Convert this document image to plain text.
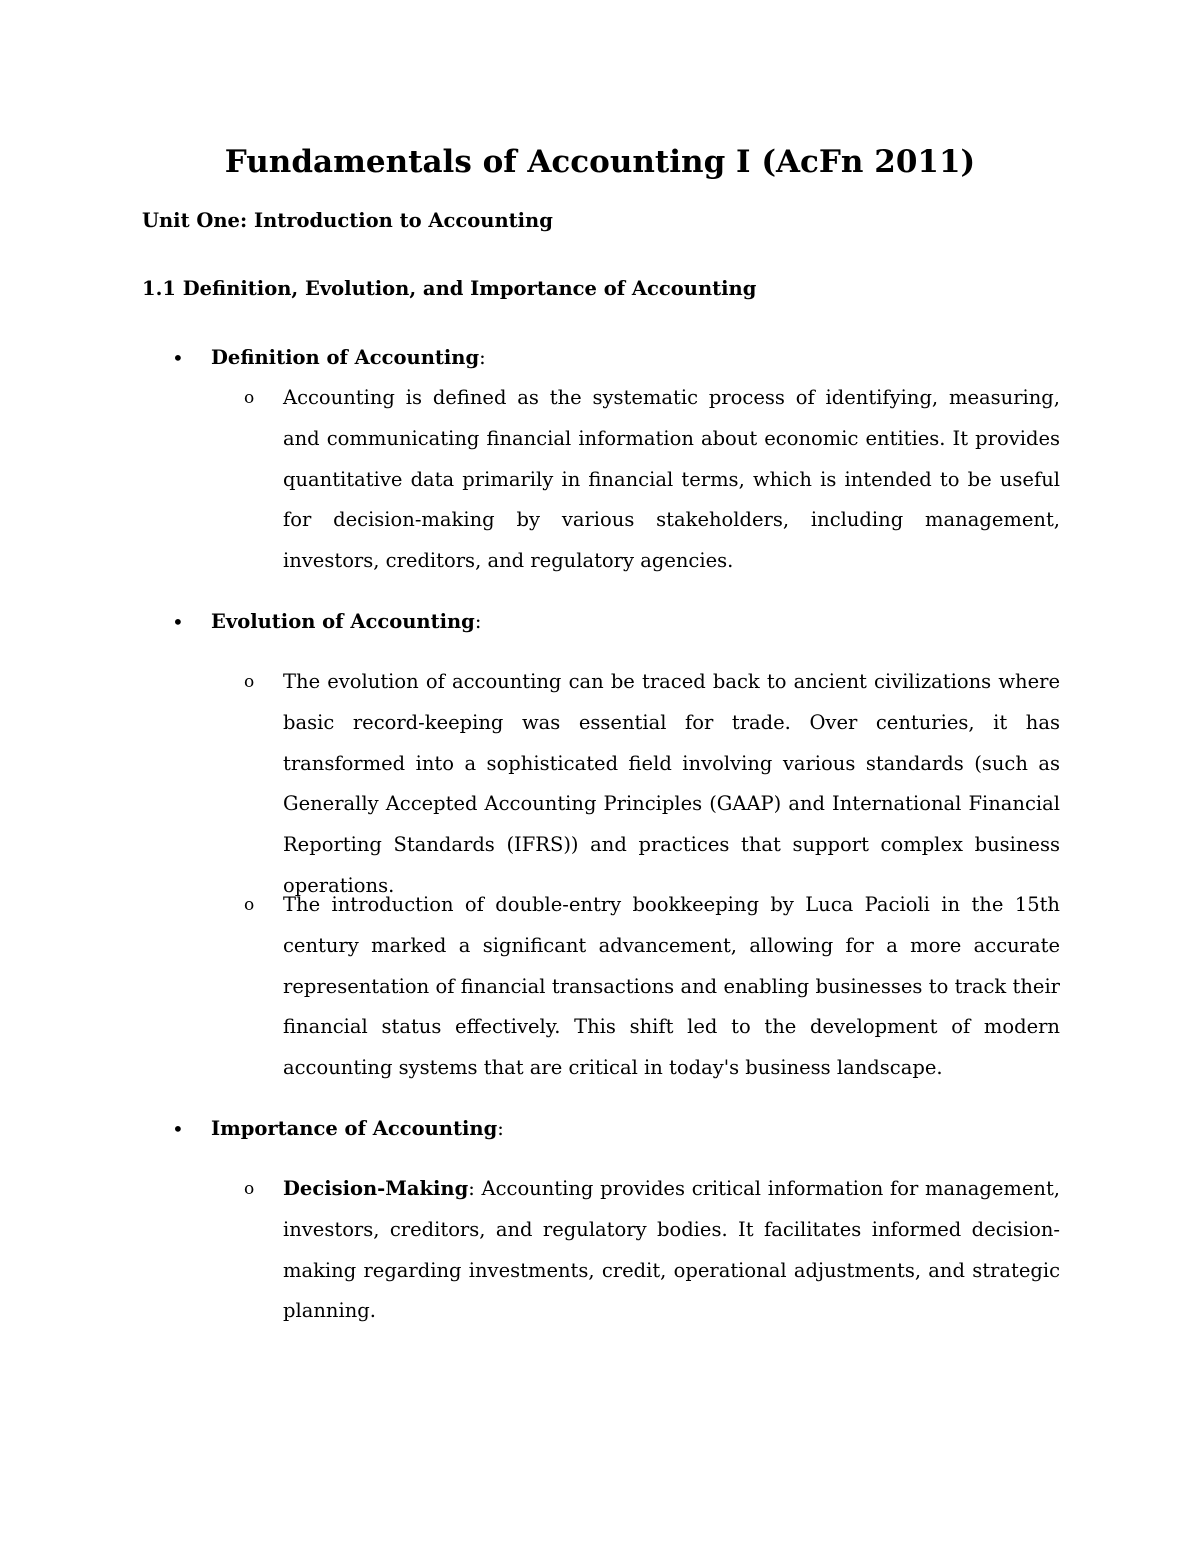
Fundamentals of Accounting I (AcFn 2011)

Unit One: Introduction to Accounting

1.1 Definition, Evolution, and Importance of Accounting

•	Definition of Accounting:
o Accounting is defined as the systematic process of identifying, measuring, and communicating financial information about economic entities. It provides quantitative data primarily in financial terms, which is intended to be useful for decision-making by various stakeholders, including management, investors, creditors, and regulatory agencies.

•	Evolution of Accounting:
o The evolution of accounting can be traced back to ancient civilizations where basic record-keeping was essential for trade. Over centuries, it has transformed into a sophisticated field involving various standards (such as Generally Accepted Accounting Principles (GAAP) and International Financial Reporting Standards (IFRS)) and practices that support complex business operations.

o The introduction of double-entry bookkeeping by Luca Pacioli in the 15th century marked a significant advancement, allowing for a more accurate representation of financial transactions and enabling businesses to track their financial status effectively. This shift led to the development of modern accounting systems that are critical in today's business landscape.

•	Importance of Accounting:
o Decision-Making: Accounting provides critical information for management, investors, creditors, and regulatory bodies. It facilitates informed decision-making regarding investments, credit, operational adjustments, and strategic planning.
